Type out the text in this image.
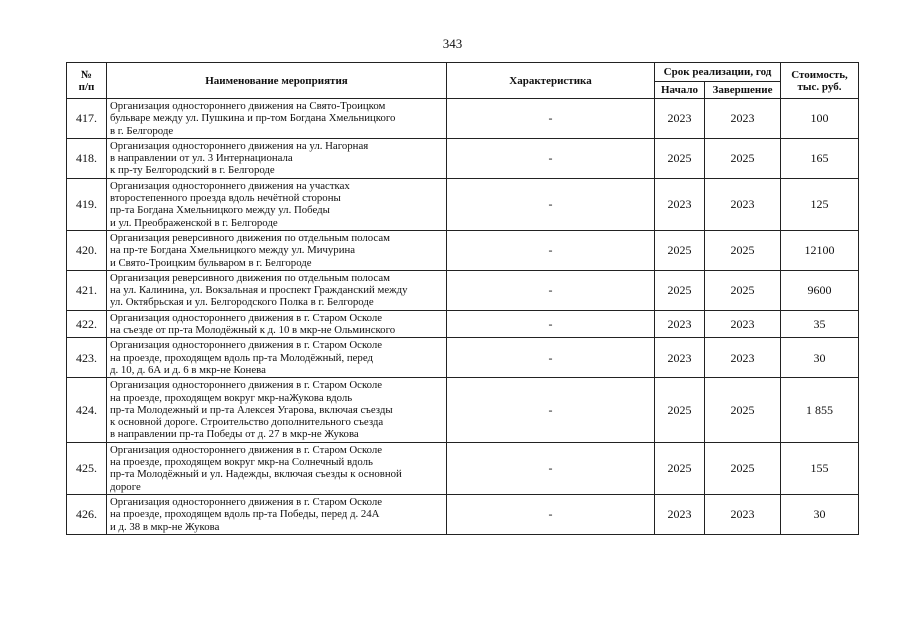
343
№
п/п	Наименование мероприятия	Характеристика	Срок реализации, год		Стоимость,
тыс. руб.
			Начало	Завершение	
417.	Организация одностороннего движения на Свято-Троицком
бульваре между ул. Пушкина и пр-том Богдана Хмельницкого
в г. Белгороде	-	2023	2023	100
418.	Организация одностороннего движения на ул. Нагорная
в направлении от ул. 3 Интернационала
к пр-ту Белгородский в г. Белгороде	-	2025	2025	165
419.	Организация одностороннего движения на участках
второстепенного проезда вдоль нечётной стороны
пр-та Богдана Хмельницкого между ул. Победы
и ул. Преображенской в г. Белгороде	-	2023	2023	125
420.	Организация реверсивного движения по отдельным полосам
на пр-те Богдана Хмельницкого между ул. Мичурина
и Свято-Троицким бульваром в г. Белгороде	-	2025	2025	12100
421.	Организация реверсивного движения по отдельным полосам
на ул. Калинина, ул. Вокзальная и проспект Гражданский между
ул. Октябрьская и ул. Белгородского Полка в г. Белгороде	-	2025	2025	9600
422.	Организация одностороннего движения в г. Старом Осколе
на съезде от пр-та Молодёжный к д. 10 в мкр-не Ольминского	-	2023	2023	35
423.	Организация одностороннего движения в г. Старом Осколе
на проезде, проходящем вдоль пр-та Молодёжный, перед
д. 10, д. 6А и д. 6 в мкр-не Конева	-	2023	2023	30
424.	Организация одностороннего движения в г. Старом Осколе
на проезде, проходящем вокруг мкр-наЖукова вдоль
пр-та Молодежный и пр-та Алексея Угарова, включая съезды
к основной дороге. Строительство дополнительного съезда
в направлении пр-та Победы от д. 27 в мкр-не Жукова	-	2025	2025	1 855
425.	Организация одностороннего движения в г. Старом Осколе
на проезде, проходящем вокруг мкр-на Солнечный вдоль
пр-та Молодёжный и ул. Надежды, включая съезды к основной
дороге	-	2025	2025	155
426.	Организация одностороннего движения в г. Старом Осколе
на проезде, проходящем вдоль пр-та Победы, перед д. 24А
и д. 38 в мкр-не Жукова	-	2023	2023	30
